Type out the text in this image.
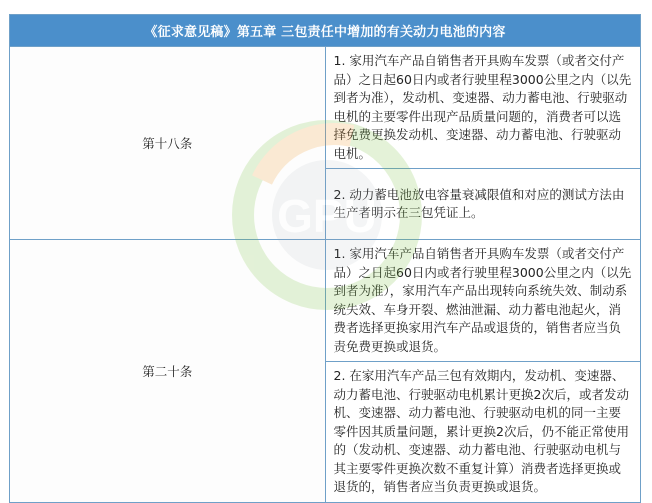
《征求意见稿》第五章 三包责任中增加的有关动力电池的内容	
第十八条	1. 家用汽车产品自销售者开具购车发票（或者交付产品）之日起60日内或者行驶里程3000公里之内（以先到者为准），发动机、变速器、动力蓄电池、行驶驱动电机的主要零件出现产品质量问题的，消费者可以选择免费更换发动机、变速器、动力蓄电池、行驶驱动电机。
	2. 动力蓄电池放电容量衰减限值和对应的测试方法由生产者明示在三包凭证上。
第二十条	1. 家用汽车产品自销售者开具购车发票（或者交付产品）之日起60日内或者行驶里程3000公里之内（以先到者为准），家用汽车产品出现转向系统失效、制动系统失效、车身开裂、燃油泄漏、动力蓄电池起火，消费者选择更换家用汽车产品或退货的，销售者应当负责免费更换或退货。
	2. 在家用汽车产品三包有效期内，发动机、变速器、动力蓄电池、行驶驱动电机累计更换2次后，或者发动机、变速器、动力蓄电池、行驶驱动电机的同一主要零件因其质量问题，累计更换2次后，仍不能正常使用的（发动机、变速器、动力蓄电池、行驶驱动电机与其主要零件更换次数不重复计算）消费者选择更换或退货的，销售者应当负责更换或退货。
GPU
